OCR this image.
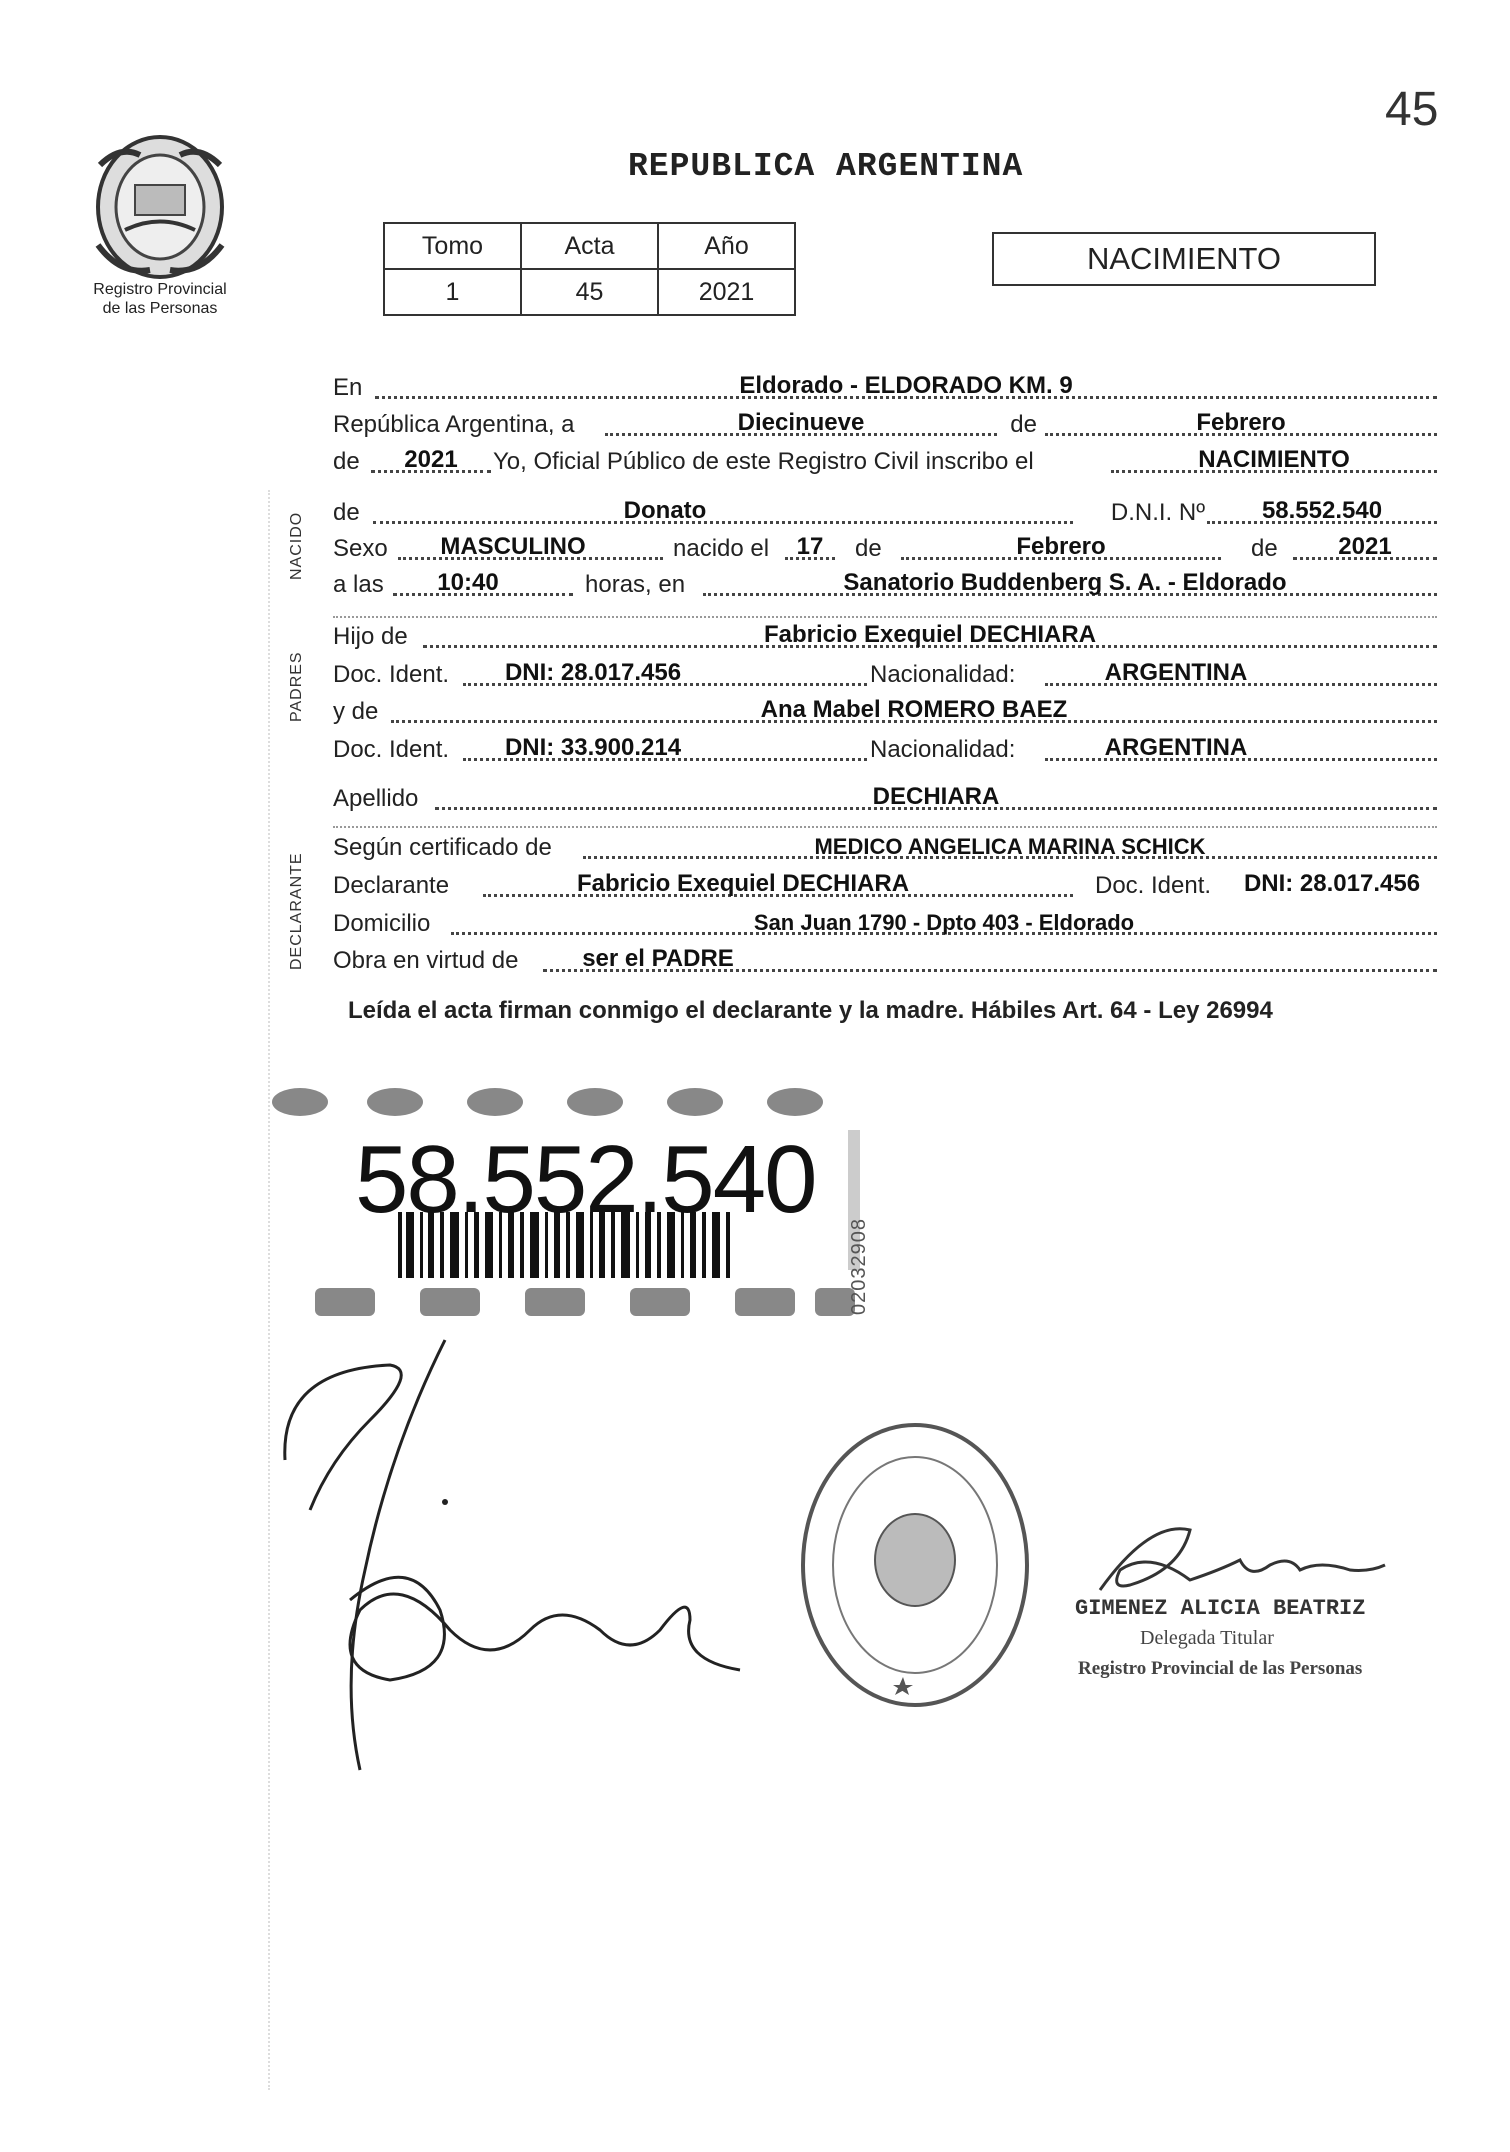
45
Registro Provincial
de las Personas
REPUBLICA ARGENTINA
Tomo	Acta	Año
1	45	2021
NACIMIENTO
NACIDO
PADRES
DECLARANTE
En	Eldorado - ELDORADO KM. 9
República Argentina, a	Diecinueve	de	Febrero
de	2021	Yo, Oficial Público de este Registro Civil inscribo el	NACIMIENTO
de	Donato	D.N.I. Nº	58.552.540
Sexo	MASCULINO	nacido el	17	de	Febrero	de	2021
a las	10:40	horas, en	Sanatorio Buddenberg S. A. - Eldorado
Hijo de	Fabricio Exequiel DECHIARA
Doc. Ident.	DNI: 28.017.456	Nacionalidad:	ARGENTINA
y de	Ana Mabel ROMERO BAEZ
Doc. Ident.	DNI: 33.900.214	Nacionalidad:	ARGENTINA
Apellido	DECHIARA
Según certificado de	MEDICO ANGELICA MARINA SCHICK
Declarante	Fabricio Exequiel DECHIARA	Doc. Ident.	DNI: 28.017.456
Domicilio	San Juan 1790 - Dpto 403 - Eldorado
Obra en virtud de	ser el PADRE
Leída el acta firman conmigo el declarante y la madre. Hábiles Art. 64 - Ley 26994
58.552.540
02032908
GIMENEZ ALICIA BEATRIZ
Delegada Titular
Registro Provincial de las Personas
